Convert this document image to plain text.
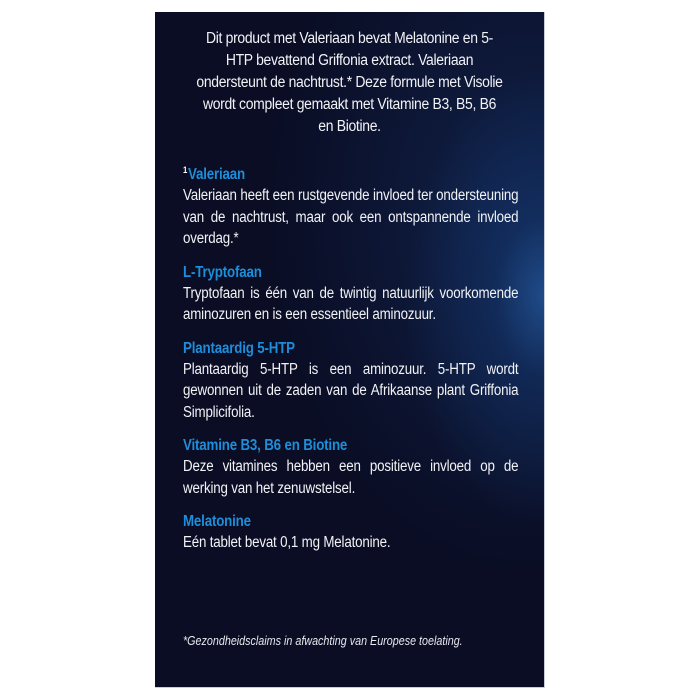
Dit product met Valeriaan bevat Melatonine en 5-HTP bevattend Griffonia extract. Valeriaan ondersteunt de nachtrust.* Deze formule met Visolie wordt compleet gemaakt met Vitamine B3, B5, B6 en Biotine.
$^1$Valeriaan
Valeriaan heeft een rustgevende invloed ter ondersteuning van de nachtrust, maar ook een ontspannende invloed overdag.*
L-Tryptofaan
Tryptofaan is één van de twintig natuurlijk voorkomende aminozuren en is een essentieel aminozuur.
Plantaardig 5-HTP
Plantaardig 5-HTP is een aminozuur. 5-HTP wordt gewonnen uit de zaden van de Afrikaanse plant Griffonia Simplicifolia.
Vitamine B3, B6 en Biotine
Deze vitamines hebben een positieve invloed op de werking van het zenuwstelsel.
Melatonine
Eén tablet bevat 0,1 mg Melatonine.
*Gezondheidsclaims in afwachting van Europese toelating.
